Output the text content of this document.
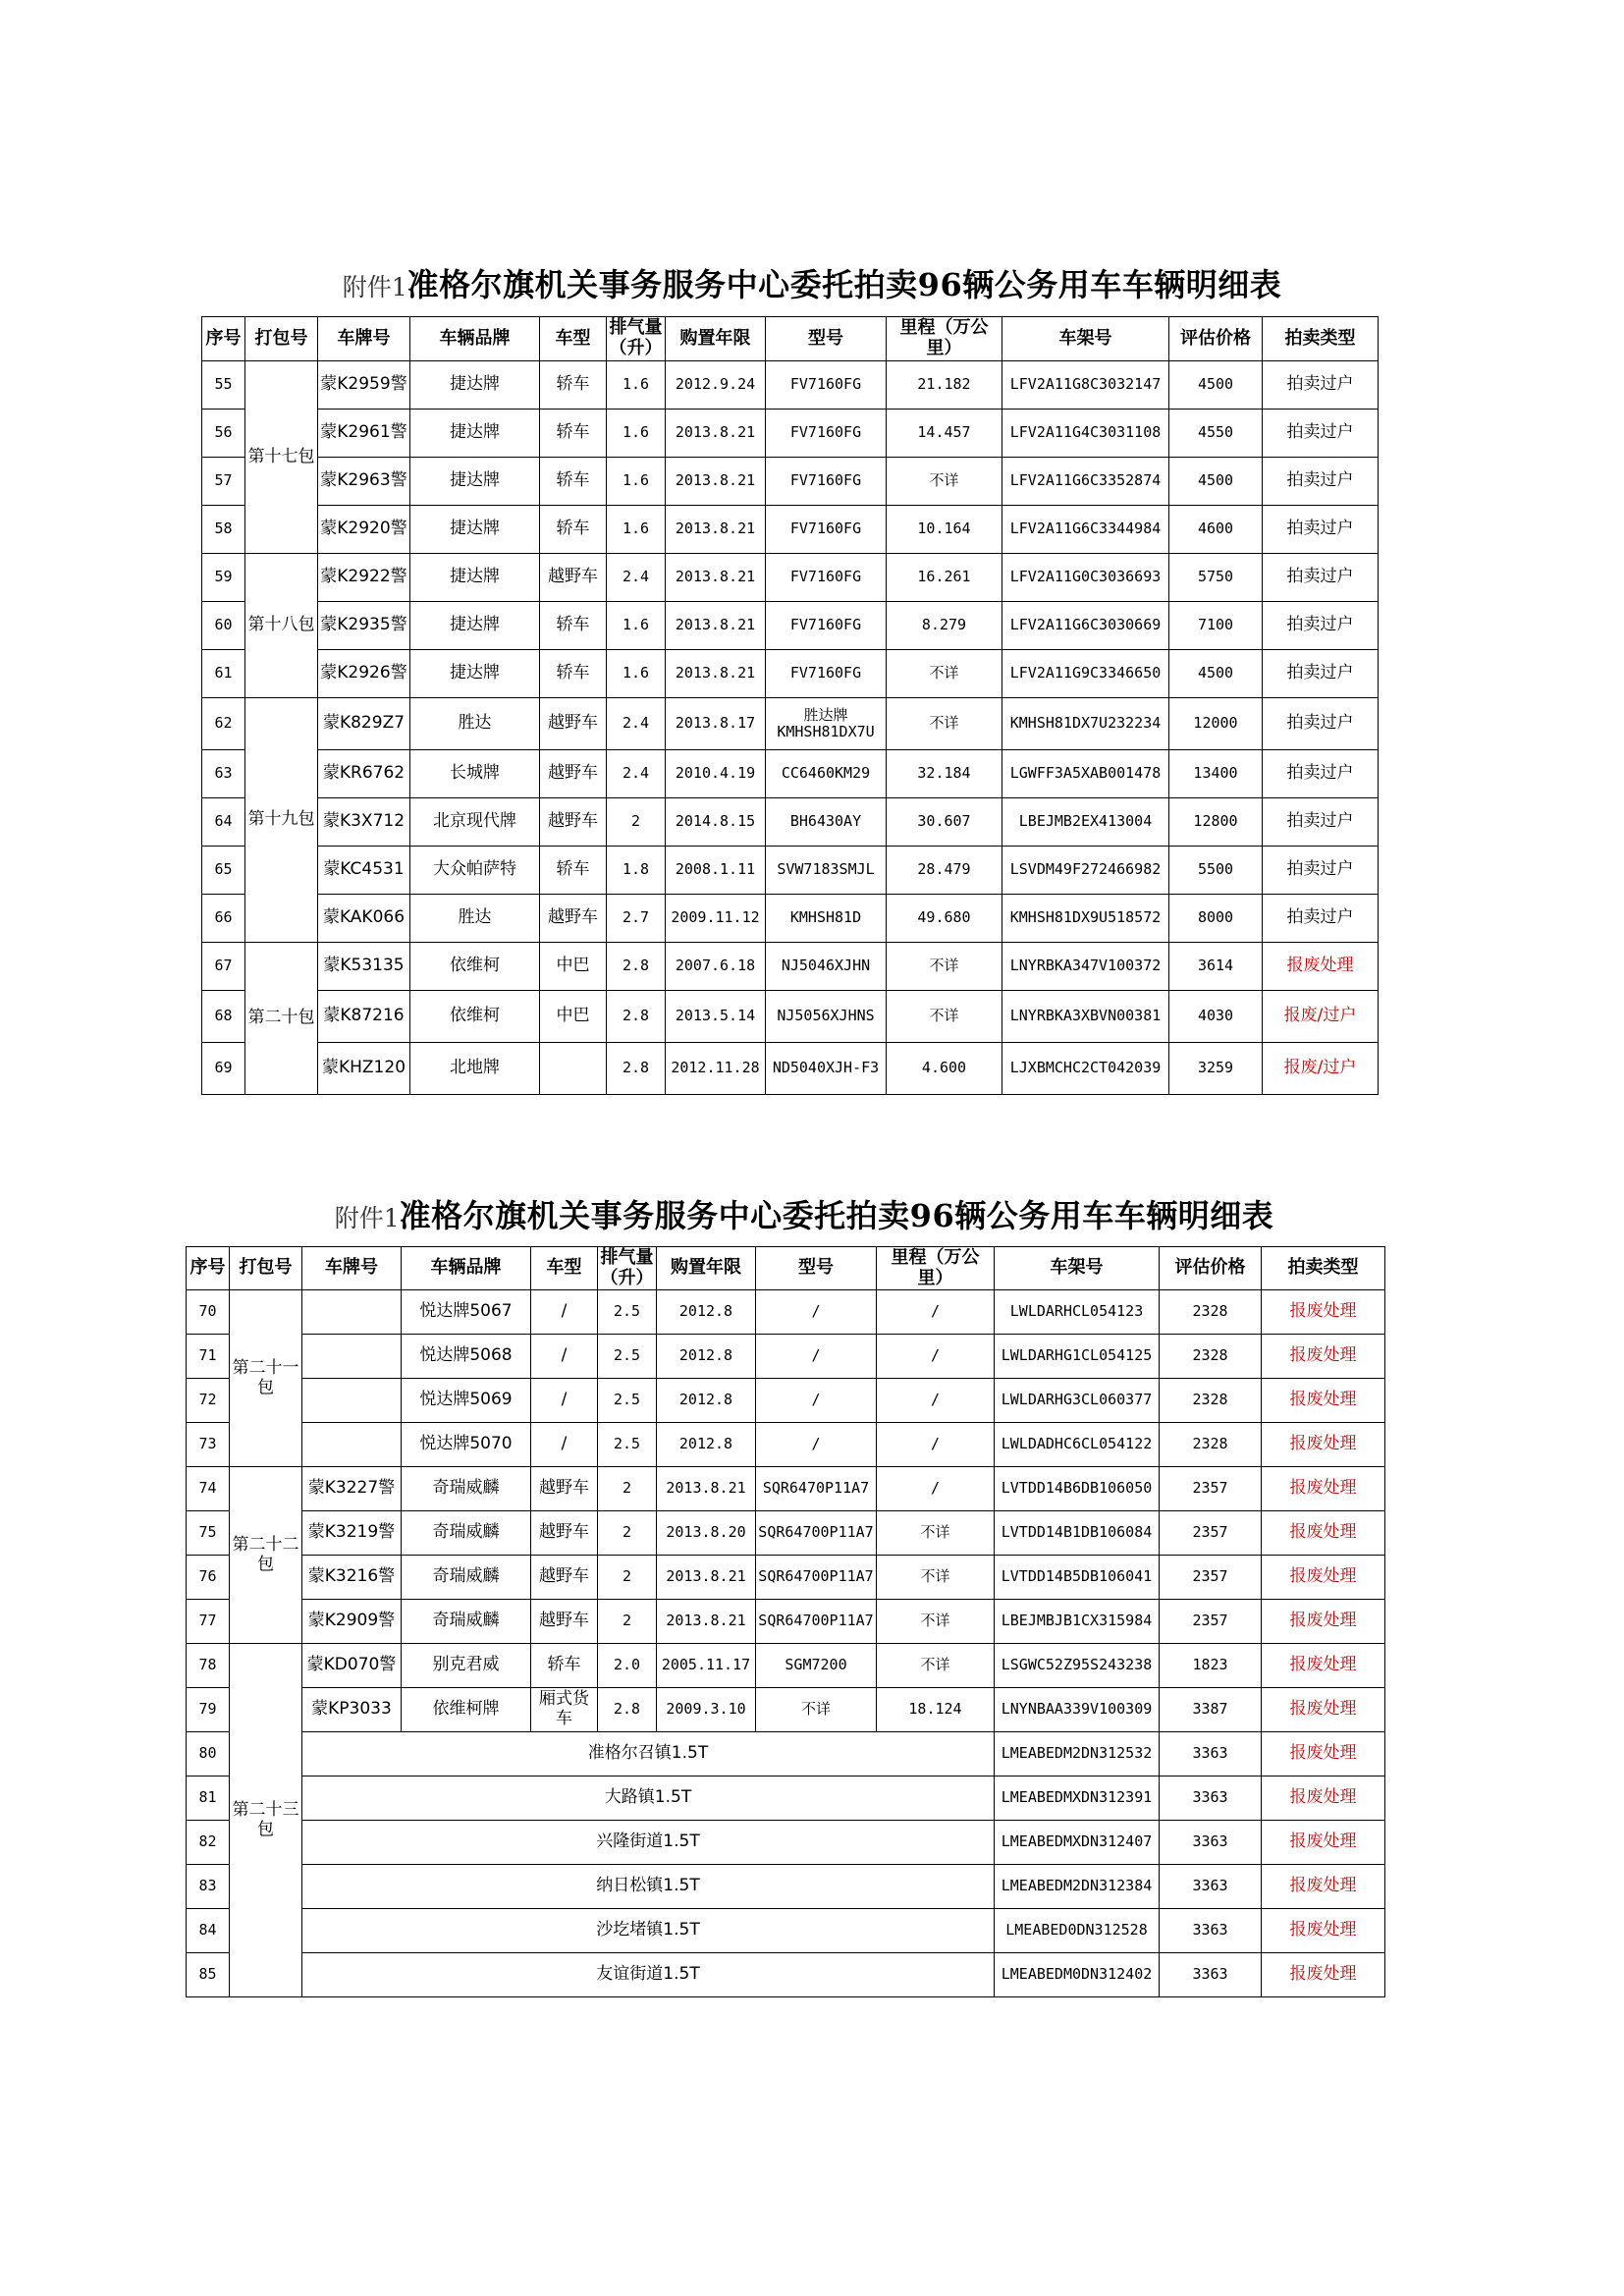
附件1准格尔旗机关事务服务中心委托拍卖96辆公务用车车辆明细表
序号	打包号	车牌号	车辆品牌	车型	排气量（升）	购置年限	型号	里程（万公里）	车架号	评估价格	拍卖类型
55	第十七包	蒙K2959警	捷达牌	轿车	1.6	2012.9.24	FV7160FG	21.182	LFV2A11G8C3032147	4500	拍卖过户
56		蒙K2961警	捷达牌	轿车	1.6	2013.8.21	FV7160FG	14.457	LFV2A11G4C3031108	4550	拍卖过户
57		蒙K2963警	捷达牌	轿车	1.6	2013.8.21	FV7160FG	不详	LFV2A11G6C3352874	4500	拍卖过户
58		蒙K2920警	捷达牌	轿车	1.6	2013.8.21	FV7160FG	10.164	LFV2A11G6C3344984	4600	拍卖过户
59	第十八包	蒙K2922警	捷达牌	越野车	2.4	2013.8.21	FV7160FG	16.261	LFV2A11G0C3036693	5750	拍卖过户
60		蒙K2935警	捷达牌	轿车	1.6	2013.8.21	FV7160FG	8.279	LFV2A11G6C3030669	7100	拍卖过户
61		蒙K2926警	捷达牌	轿车	1.6	2013.8.21	FV7160FG	不详	LFV2A11G9C3346650	4500	拍卖过户
62	第十九包	蒙K829Z7	胜达	越野车	2.4	2013.8.17	胜达牌KMHSH81DX7U	不详	KMHSH81DX7U232234	12000	拍卖过户
63		蒙KR6762	长城牌	越野车	2.4	2010.4.19	CC6460KM29	32.184	LGWFF3A5XAB001478	13400	拍卖过户
64		蒙K3X712	北京现代牌	越野车	2	2014.8.15	BH6430AY	30.607	LBEJMB2EX413004	12800	拍卖过户
65		蒙KC4531	大众帕萨特	轿车	1.8	2008.1.11	SVW7183SMJL	28.479	LSVDM49F272466982	5500	拍卖过户
66		蒙KAK066	胜达	越野车	2.7	2009.11.12	KMHSH81D	49.680	KMHSH81DX9U518572	8000	拍卖过户
67	第二十包	蒙K53135	依维柯	中巴	2.8	2007.6.18	NJ5046XJHN	不详	LNYRBKA347V100372	3614	报废处理
68		蒙K87216	依维柯	中巴	2.8	2013.5.14	NJ5056XJHNS	不详	LNYRBKA3XBVN00381	4030	报废/过户
69		蒙KHZ120	北地牌		2.8	2012.11.28	ND5040XJH-F3	4.600	LJXBMCHC2CT042039	3259	报废/过户
附件1准格尔旗机关事务服务中心委托拍卖96辆公务用车车辆明细表
序号	打包号	车牌号	车辆品牌	车型	排气量（升）	购置年限	型号	里程（万公里）	车架号	评估价格	拍卖类型
70	第二十一包		悦达牌5067	/	2.5	2012.8	/	/	LWLDARHCL054123	2328	报废处理
71			悦达牌5068	/	2.5	2012.8	/	/	LWLDARHG1CL054125	2328	报废处理
72			悦达牌5069	/	2.5	2012.8	/	/	LWLDARHG3CL060377	2328	报废处理
73			悦达牌5070	/	2.5	2012.8	/	/	LWLDADHC6CL054122	2328	报废处理
74	第二十二包	蒙K3227警	奇瑞威麟	越野车	2	2013.8.21	SQR6470P11A7	/	LVTDD14B6DB106050	2357	报废处理
75		蒙K3219警	奇瑞威麟	越野车	2	2013.8.20	SQR64700P11A7	不详	LVTDD14B1DB106084	2357	报废处理
76		蒙K3216警	奇瑞威麟	越野车	2	2013.8.21	SQR64700P11A7	不详	LVTDD14B5DB106041	2357	报废处理
77		蒙K2909警	奇瑞威麟	越野车	2	2013.8.21	SQR64700P11A7	不详	LBEJMBJB1CX315984	2357	报废处理
78	第二十三包	蒙KD070警	别克君威	轿车	2.0	2005.11.17	SGM7200	不详	LSGWC52Z95S243238	1823	报废处理
79		蒙KP3033	依维柯牌	厢式货车	2.8	2009.3.10	不详	18.124	LNYNBAA339V100309	3387	报废处理
80		准格尔召镇1.5T							LMEABEDM2DN312532	3363	报废处理
81		大路镇1.5T							LMEABEDMXDN312391	3363	报废处理
82		兴隆街道1.5T							LMEABEDMXDN312407	3363	报废处理
83		纳日松镇1.5T							LMEABEDM2DN312384	3363	报废处理
84		沙圪堵镇1.5T							LMEABED0DN312528	3363	报废处理
85		友谊街道1.5T							LMEABEDM0DN312402	3363	报废处理
